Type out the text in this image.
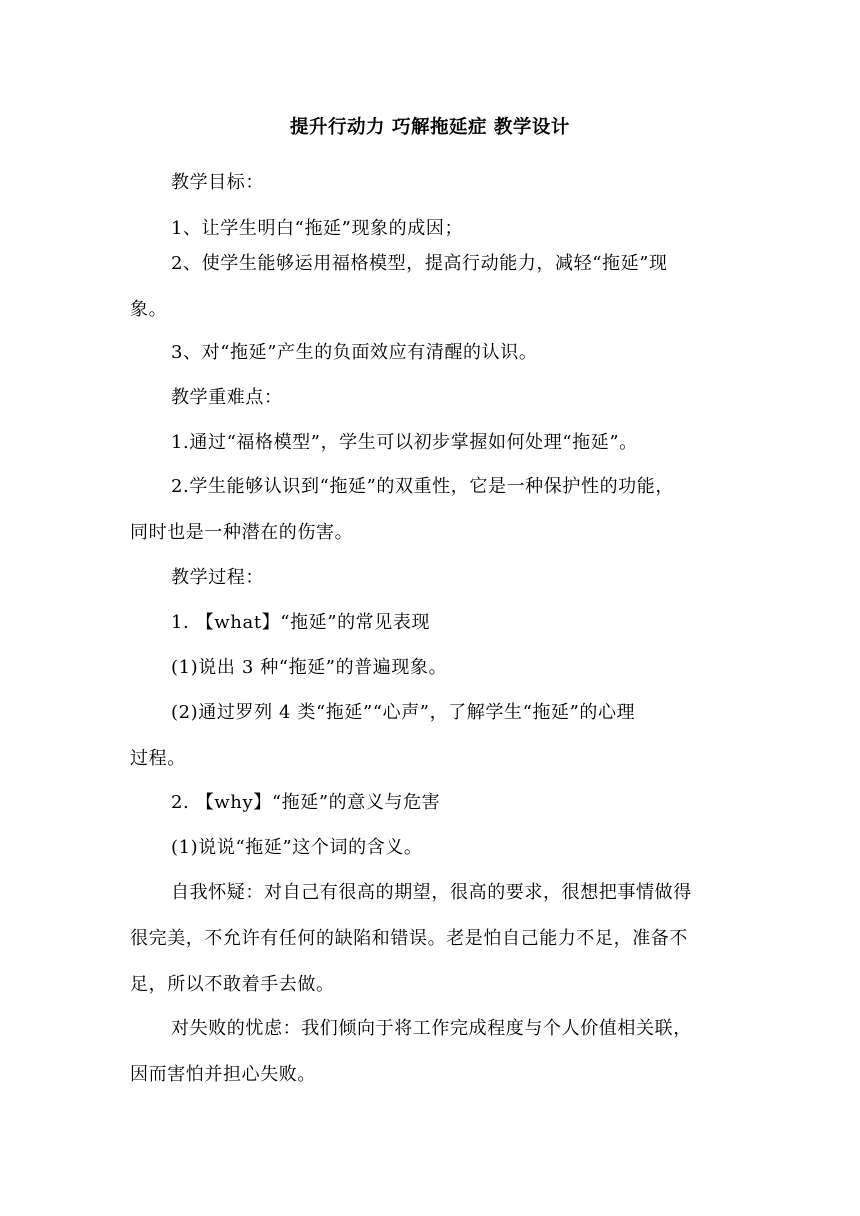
提升行动力 巧解拖延症 教学设计
教学目标：
1、让学生明白“拖延”现象的成因；
2、使学生能够运用福格模型，提高行动能力，减轻“拖延”现
象。
3、对“拖延”产生的负面效应有清醒的认识。
教学重难点：
1.通过“福格模型”，学生可以初步掌握如何处理“拖延”。
2.学生能够认识到“拖延”的双重性，它是一种保护性的功能，
同时也是一种潜在的伤害。
教学过程：
1. 【what】“拖延”的常见表现
(1)说出 3 种“拖延”的普遍现象。
(2)通过罗列 4 类“拖延”“心声”，了解学生“拖延”的心理
过程。
2. 【why】“拖延”的意义与危害
(1)说说“拖延”这个词的含义。
自我怀疑：对自己有很高的期望，很高的要求，很想把事情做得
很完美，不允许有任何的缺陷和错误。老是怕自己能力不足，准备不
足，所以不敢着手去做。
对失败的忧虑：我们倾向于将工作完成程度与个人价值相关联，
因而害怕并担心失败。
